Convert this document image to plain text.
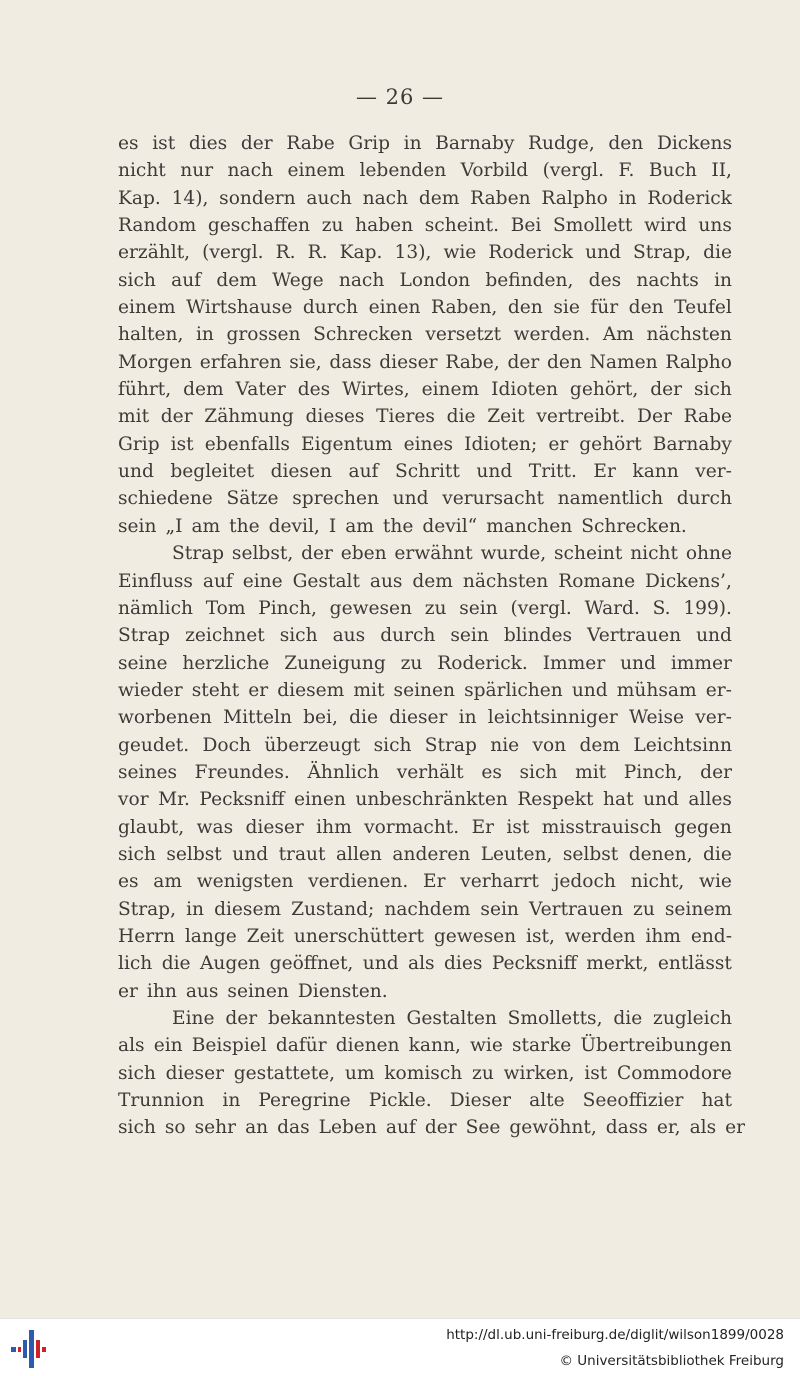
— 26 —
es ist dies der Rabe Grip in Barnaby Rudge, den Dickens
nicht nur nach einem lebenden Vorbild (vergl. F. Buch II,
Kap. 14), sondern auch nach dem Raben Ralpho in Roderick
Random geschaffen zu haben scheint. Bei Smollett wird uns
erzählt, (vergl. R. R. Kap. 13), wie Roderick und Strap, die
sich auf dem Wege nach London befinden, des nachts in
einem Wirtshause durch einen Raben, den sie für den Teufel
halten, in grossen Schrecken versetzt werden. Am nächsten
Morgen erfahren sie, dass dieser Rabe, der den Namen Ralpho
führt, dem Vater des Wirtes, einem Idioten gehört, der sich
mit der Zähmung dieses Tieres die Zeit vertreibt. Der Rabe
Grip ist ebenfalls Eigentum eines Idioten; er gehört Barnaby
und begleitet diesen auf Schritt und Tritt. Er kann ver-
schiedene Sätze sprechen und verursacht namentlich durch
sein „I am the devil, I am the devil“ manchen Schrecken.
Strap selbst, der eben erwähnt wurde, scheint nicht ohne
Einfluss auf eine Gestalt aus dem nächsten Romane Dickens’,
nämlich Tom Pinch, gewesen zu sein (vergl. Ward. S. 199).
Strap zeichnet sich aus durch sein blindes Vertrauen und
seine herzliche Zuneigung zu Roderick. Immer und immer
wieder steht er diesem mit seinen spärlichen und mühsam er-
worbenen Mitteln bei, die dieser in leichtsinniger Weise ver-
geudet. Doch überzeugt sich Strap nie von dem Leichtsinn
seines Freundes. Ähnlich verhält es sich mit Pinch, der
vor Mr. Pecksniff einen unbeschränkten Respekt hat und alles
glaubt, was dieser ihm vormacht. Er ist misstrauisch gegen
sich selbst und traut allen anderen Leuten, selbst denen, die
es am wenigsten verdienen. Er verharrt jedoch nicht, wie
Strap, in diesem Zustand; nachdem sein Vertrauen zu seinem
Herrn lange Zeit unerschüttert gewesen ist, werden ihm end-
lich die Augen geöffnet, und als dies Pecksniff merkt, entlässt
er ihn aus seinen Diensten.
Eine der bekanntesten Gestalten Smolletts, die zugleich
als ein Beispiel dafür dienen kann, wie starke Übertreibungen
sich dieser gestattete, um komisch zu wirken, ist Commodore
Trunnion in Peregrine Pickle. Dieser alte Seeoffizier hat
sich so sehr an das Leben auf der See gewöhnt, dass er, als er
http://dl.ub.uni-freiburg.de/diglit/wilson1899/0028
© Universitätsbibliothek Freiburg
